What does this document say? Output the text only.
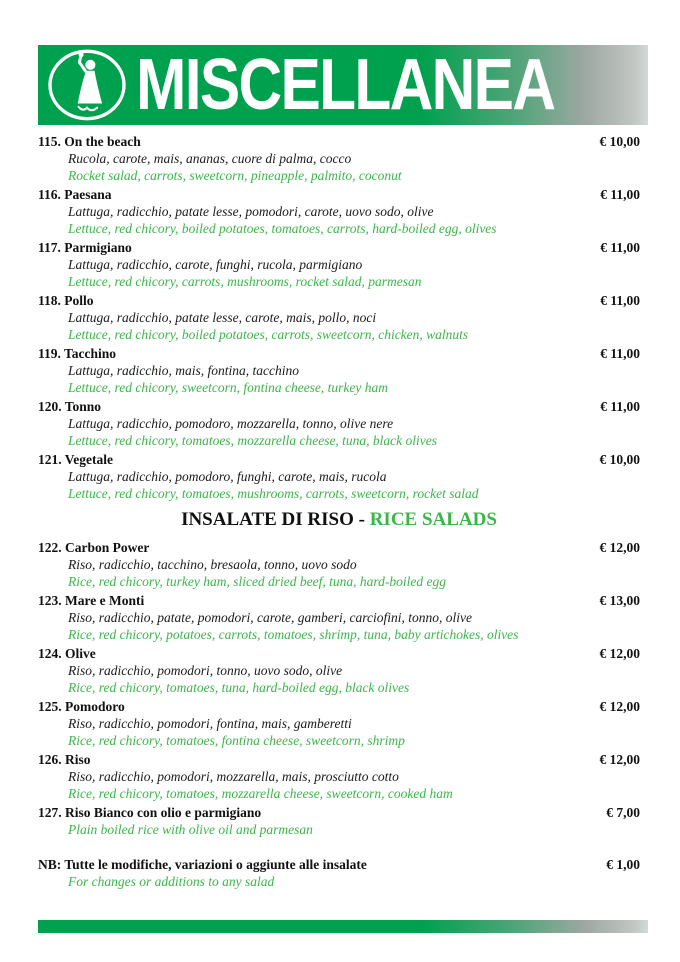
MISCELLANEA
115. On the beach	€ 10,00
Rucola, carote, mais, ananas, cuore di palma, cocco
Rocket salad, carrots, sweetcorn, pineapple, palmito, coconut
116. Paesana	€ 11,00
Lattuga, radicchio, patate lesse, pomodori, carote, uovo sodo, olive
Lettuce, red chicory, boiled potatoes, tomatoes, carrots, hard-boiled egg, olives
117. Parmigiano	€ 11,00
Lattuga, radicchio, carote, funghi, rucola, parmigiano
Lettuce, red chicory, carrots, mushrooms, rocket salad, parmesan
118. Pollo	€ 11,00
Lattuga, radicchio, patate lesse, carote, mais, pollo, noci
Lettuce, red chicory, boiled potatoes, carrots, sweetcorn, chicken, walnuts
119. Tacchino	€ 11,00
Lattuga, radicchio, mais, fontina, tacchino
Lettuce, red chicory, sweetcorn, fontina cheese, turkey ham
120. Tonno	€ 11,00
Lattuga, radicchio, pomodoro, mozzarella, tonno, olive nere
Lettuce, red chicory, tomatoes, mozzarella cheese, tuna, black olives
121. Vegetale	€ 10,00
Lattuga, radicchio, pomodoro, funghi, carote, mais, rucola
Lettuce, red chicory, tomatoes, mushrooms, carrots, sweetcorn, rocket salad
INSALATE DI RISO - RICE SALADS
122. Carbon Power	€ 12,00
Riso, radicchio, tacchino, bresaola, tonno, uovo sodo
Rice, red chicory, turkey ham, sliced dried beef, tuna, hard-boiled egg
123. Mare e Monti	€ 13,00
Riso, radicchio, patate, pomodori, carote, gamberi, carciofini, tonno, olive
Rice, red chicory, potatoes, carrots, tomatoes, shrimp, tuna, baby artichokes, olives
124. Olive	€ 12,00
Riso, radicchio, pomodori, tonno, uovo sodo, olive
Rice, red chicory, tomatoes, tuna, hard-boiled egg, black olives
125. Pomodoro	€ 12,00
Riso, radicchio, pomodori, fontina, mais, gamberetti
Rice, red chicory, tomatoes, fontina cheese, sweetcorn, shrimp
126. Riso	€ 12,00
Riso, radicchio, pomodori, mozzarella, mais, prosciutto cotto
Rice, red chicory, tomatoes, mozzarella cheese, sweetcorn, cooked ham
127. Riso Bianco con olio e parmigiano	€ 7,00
Plain boiled rice with olive oil and parmesan
NB: Tutte le modifiche, variazioni o aggiunte alle insalate	€ 1,00
For changes or additions to any salad
